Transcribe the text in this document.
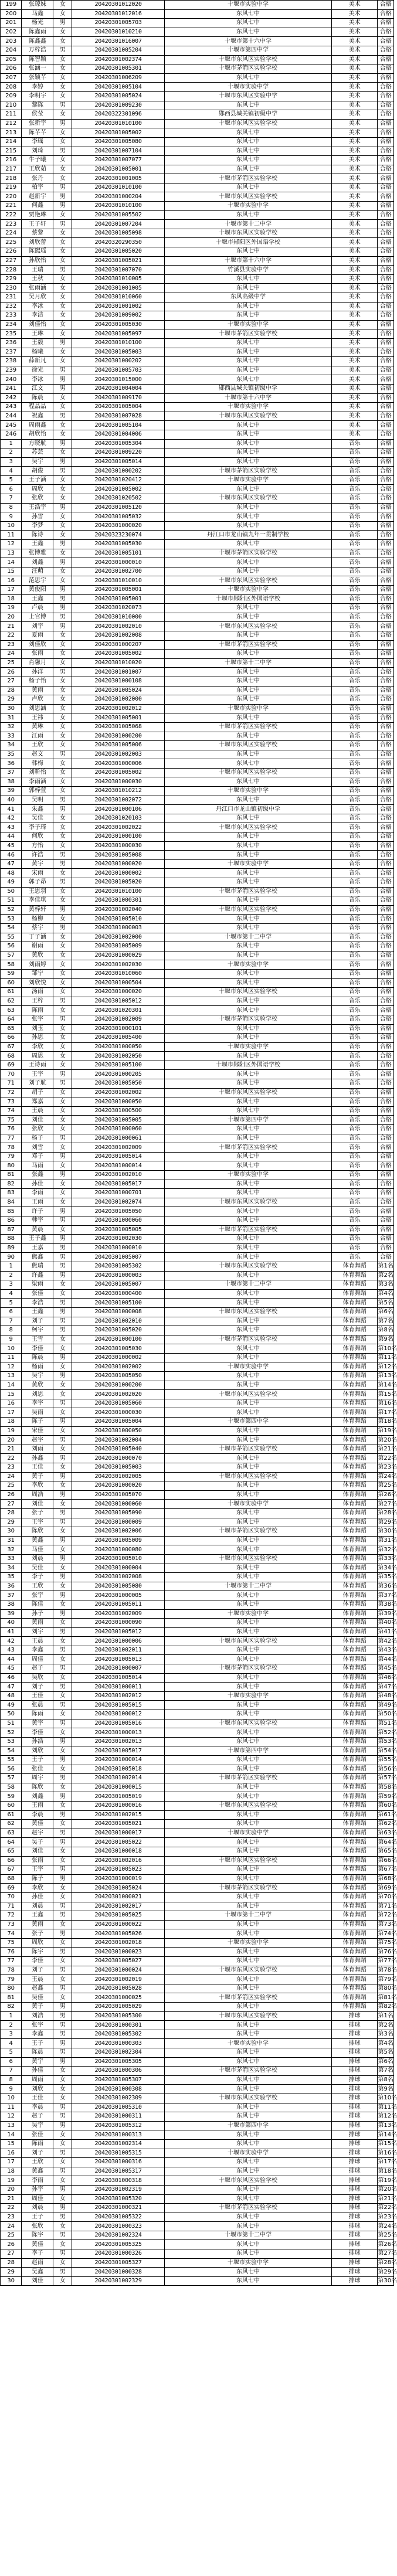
199	张琼妹	女	20420301012020	十堰市实验中学	美术	合格
200	马鑫	女	20420301012016	东风七中	美术	合格
201	杨光	男	20420301005703	东风七中	美术	合格
202	陈鑫雨	女	20420301010210	东风七中	美术	合格
203	陈鑫鑫	女	20420301016007	十堰市第十六中学	美术	合格
204	万梓浩	男	20420301005204	十堰市第四中学	美术	合格
205	陈智颖	女	20420301002374	十堰市东风区实验学校	美术	合格
206	张涵一	女	20420301005301	十堰市茅箭区实验学校	美术	合格
207	张颖芊	女	20420301006209	东风七中	美术	合格
208	李婷	女	20420301005104	十堰市实验中学	美术	合格
209	李明宇	女	20420301005024	十堰市东风区实验中学	美术	合格
210	黎陈	男	20420301009230	东风七中	美术	合格
211	侯莹	女	20420322301096	郧西县城关镇初级中学	美术	合格
212	张新宇	男	20420301010100	十堰市东风区实验学校	美术	合格
213	陈芊芊	女	20420301005002	东风七中	美术	合格
214	李瑶	女	20420301005080	东风七中	美术	合格
215	刘琦	男	20420301007104	东风七中	美术	合格
216	牛子曦	女	20420301007077	东风七中	美术	合格
217	王欣茹	女	20420301005001	东风七中	美术	合格
218	张丹	女	20420301001005	十堰市茅箭区实验学校	美术	合格
219	柏宇	男	20420301010100	东风七中	美术	合格
220	赵新宇	男	20420301000204	十堰市东风区实验学校	美术	合格
221	何鑫	男	20420301010100	十堰市实验中学	美术	合格
222	贾艳琳	女	20420301005502	东风七中	美术	合格
223	王子轩	男	20420301007204	十堰市第十二中学	美术	合格
224	蔡黎	女	20420301005098	十堰市东风区实验学校	美术	合格
225	刘欣蕾	女	20420320290350	十堰市郧阳区外国语学校	美术	合格
226	陈熙瑶	女	20420301005020	东风七中	美术	合格
227	孙欣怡	女	20420301005021	十堰市第十六中学	美术	合格
228	王瑞	男	20420301007070	竹溪县实验中学	美术	合格
229	王秋	女	20420301010005	东风七中	美术	合格
230	张雨涵	女	20420301001005	东风七中	美术	合格
231	吴月欣	女	20420301010060	东风高级中学	美术	合格
232	李冰	女	20420301001002	东风七中	美术	合格
233	李洁	女	20420301009002	东风七中	美术	合格
234	刘佳怡	女	20420301005030	十堰市实验中学	美术	合格
235	王琳	女	20420301005097	十堰市茅箭区实验学校	美术	合格
236	王毅	男	20420301010100	东风七中	美术	合格
237	杨曦	女	20420301005003	东风七中	美术	合格
238	薛新凡	女	20420301000202	东风七中	美术	合格
239	徐光	男	20420301005703	东风七中	美术	合格
240	李冰	男	20420301015000	东风七中	美术	合格
241	江文	男	20420301004004	郧西县城关镇初级中学	美术	合格
242	陈晨	女	20420301009170	十堰市第十六中学	美术	合格
243	程晶晶	女	20420301005004	十堰市实验中学	美术	合格
244	祝鑫	男	20420301007028	十堰市东风区实验学校	美术	合格
245	周雨鑫	女	20420301005104	东风七中	美术	合格
246	胡欣怡	女	20420301004006	东风七中	美术	合格
1	方晓航	男	20420301005304	东风七中	音乐	合格
2	苏芸	女	20420301009220	东风七中	音乐	合格
3	吴宇	男	20420301005014	东风七中	音乐	合格
4	胡俊	男	20420301000202	十堰市茅箭区实验学校	音乐	合格
5	王子涵	女	20420301020412	十堰市实验中学	音乐	合格
6	周欣	女	20420301005002	东风七中	音乐	合格
7	张欣	女	20420301020502	十堰市东风区实验学校	音乐	合格
8	王浩宇	男	20420301005120	东风七中	音乐	合格
9	孙雪	女	20420301005032	东风七中	音乐	合格
10	李梦	女	20420301000020	东风七中	音乐	合格
11	陈诗	女	20420323230074	丹江口市龙山镇九年一贯制学校	音乐	合格
12	王鑫	男	20420301005030	东风七中	音乐	合格
13	张博雅	女	20420301005101	十堰市茅箭区实验学校	音乐	合格
14	刘鑫	男	20420301000010	东风七中	音乐	合格
15	汪萌	女	20420301002700	东风七中	音乐	合格
16	范思宇	女	20420301010010	十堰市东风区实验学校	音乐	合格
17	黄俊阳	男	20420301005001	十堰市实验中学	音乐	合格
18	王鑫	男	20420301005001	十堰市郧阳区外国语学校	音乐	合格
19	卢晨	男	20420301020073	东风七中	音乐	合格
20	上官博	男	20420301010000	东风七中	音乐	合格
21	刘宇	男	20420301002010	十堰市东风区实验学校	音乐	合格
22	夏雨	女	20420301002008	东风七中	音乐	合格
23	刘佳欣	女	20420301000207	十堰市茅箭区实验学校	音乐	合格
24	张雨	女	20420301005002	东风七中	音乐	合格
25	肖馨月	女	20420301010020	十堰市第十二中学	音乐	合格
26	孙洋	男	20420301001007	东风七中	音乐	合格
27	杨子怡	女	20420301000108	东风七中	音乐	合格
28	黄雨	女	20420301005024	东风七中	音乐	合格
29	卢欣	女	20420301002000	东风七中	音乐	合格
30	刘思涵	女	20420301002012	十堰市实验中学	音乐	合格
31	王祎	女	20420301005001	东风七中	音乐	合格
32	黄琳	女	20420301005068	十堰市茅箭区实验学校	音乐	合格
33	江雨	女	20420301000200	东风七中	音乐	合格
34	王欣	女	20420301005006	十堰市东风区实验学校	音乐	合格
35	赵文	男	20420301002003	东风七中	音乐	合格
36	韩梅	女	20420301000006	东风七中	音乐	合格
37	刘昕怡	女	20420301005002	十堰市东风区实验学校	音乐	合格
38	李雨涵	女	20420301000030	东风七中	音乐	合格
39	郭梓萱	女	20420301010212	十堰市实验中学	音乐	合格
40	吴明	男	20420301002072	东风七中	音乐	合格
41	朱鑫	男	20420301000106	丹江口市龙山镇初级中学	音乐	合格
42	吴佳	女	20420301020103	东风七中	音乐	合格
43	李子琦	女	20420301002022	十堰市东风区实验学校	音乐	合格
44	何欣	女	20420301000100	东风七中	音乐	合格
45	方怡	女	20420301000030	东风七中	音乐	合格
46	许浩	男	20420301005008	东风七中	音乐	合格
47	黄宇	男	20420301000020	十堰市实验中学	音乐	合格
48	宋雨	女	20420301000002	东风七中	音乐	合格
49	郭子昂	男	20420301005020	东风七中	音乐	合格
50	王思羽	女	20420301010100	十堰市茅箭区实验学校	音乐	合格
51	李佳琪	女	20420301000301	东风七中	音乐	合格
52	黄梓轩	男	20420301002040	十堰市东风区实验学校	音乐	合格
53	杨柳	女	20420301005010	东风七中	音乐	合格
54	蔡宇	男	20420301000003	东风七中	音乐	合格
55	丁子涵	女	20420301002000	十堰市第十二中学	音乐	合格
56	谢雨	女	20420301005009	东风七中	音乐	合格
57	黄欣	女	20420301000029	东风七中	音乐	合格
58	刘雨婷	女	20420301002030	十堰市实验中学	音乐	合格
59	邹宁	女	20420301010060	东风七中	音乐	合格
60	刘欣悦	女	20420301000504	东风七中	音乐	合格
61	汤雨	女	20420301000020	十堰市东风区实验学校	音乐	合格
62	王梓	男	20420301005012	东风七中	音乐	合格
63	陈雨	女	20420301020301	东风七中	音乐	合格
64	张宇	男	20420301002009	十堰市茅箭区实验学校	音乐	合格
65	刘玉	女	20420301000101	东风七中	音乐	合格
66	孙思	女	20420301005400	东风七中	音乐	合格
67	李欣	女	20420301000050	十堰市实验中学	音乐	合格
68	周思	女	20420301002050	东风七中	音乐	合格
69	王诗雨	女	20420301005100	十堰市郧阳区外国语学校	音乐	合格
70	王宇	男	20420301000205	东风七中	音乐	合格
71	刘子航	男	20420301005050	东风七中	音乐	合格
72	胡子	女	20420301002002	十堰市东风区实验学校	音乐	合格
73	郑嘉	女	20420301000050	东风七中	音乐	合格
74	王晨	女	20420301000500	东风七中	音乐	合格
75	刘佳	女	20420301005005	十堰市第四中学	音乐	合格
76	张欣	女	20420301000060	东风七中	音乐	合格
77	杨子	男	20420301000061	东风七中	音乐	合格
78	刘雪	女	20420301002009	十堰市茅箭区实验学校	音乐	合格
79	邓子	男	20420301005014	东风七中	音乐	合格
80	马雨	女	20420301000014	东风七中	音乐	合格
81	张鑫	男	20420301002010	十堰市实验中学	音乐	合格
82	孙佳	女	20420301005017	东风七中	音乐	合格
83	李雨	女	20420301000701	东风七中	音乐	合格
84	王雨	女	20420301002074	十堰市东风区实验学校	音乐	合格
85	许子	男	20420301005050	东风七中	音乐	合格
86	韩宇	男	20420301000060	东风七中	音乐	合格
87	黄晨	女	20420301005005	十堰市茅箭区实验学校	音乐	合格
88	王子鑫	男	20420301002030	东风七中	音乐	合格
89	王嘉	男	20420301000010	东风七中	音乐	合格
90	熊鑫	男	20420301005007	东风七中	音乐	合格
1	熊瑞	男	20420301005302	十堰市东风区实验学校	体育舞蹈	第1名
2	许鑫	男	20420301000003	东风七中	体育舞蹈	第2名
3	梁雨	女	20420301005007	十堰市第十二中学	体育舞蹈	第3名
4	张佳	女	20420301000400	东风七中	体育舞蹈	第4名
5	李浩	男	20420301005100	东风七中	体育舞蹈	第5名
6	王鑫	男	20420301000008	十堰市东风区实验学校	体育舞蹈	第6名
7	刘子	男	20420301002010	东风七中	体育舞蹈	第7名
8	柯宇	男	20420301005020	东风七中	体育舞蹈	第8名
9	王雪	女	20420301000100	十堰市茅箭区实验学校	体育舞蹈	第9名
10	李佳	女	20420301005030	东风七中	体育舞蹈	第10名
11	陈晨	男	20420301000002	东风七中	体育舞蹈	第11名
12	杨雨	女	20420301002002	十堰市实验中学	体育舞蹈	第12名
13	吴宇	男	20420301005050	东风七中	体育舞蹈	第13名
14	黄欣	女	20420301000200	东风七中	体育舞蹈	第14名
15	刘思	女	20420301002020	十堰市东风区实验学校	体育舞蹈	第15名
16	李宇	男	20420301005060	东风七中	体育舞蹈	第16名
17	吴雨	女	20420301000030	东风七中	体育舞蹈	第17名
18	陈子	男	20420301005004	十堰市第四中学	体育舞蹈	第18名
19	宋佳	女	20420301000050	东风七中	体育舞蹈	第19名
20	赵宇	男	20420301002004	东风七中	体育舞蹈	第20名
21	刘雨	女	20420301005040	十堰市茅箭区实验学校	体育舞蹈	第21名
22	孙鑫	男	20420301000070	东风七中	体育舞蹈	第22名
23	王佳	女	20420301005003	东风七中	体育舞蹈	第23名
24	黄子	男	20420301002005	十堰市东风区实验学校	体育舞蹈	第24名
25	李欣	女	20420301000020	东风七中	体育舞蹈	第25名
26	周浩	男	20420301005070	东风七中	体育舞蹈	第26名
27	刘佳	女	20420301000060	十堰市实验中学	体育舞蹈	第27名
28	张子	男	20420301005090	东风七中	体育舞蹈	第28名
29	王宇	男	20420301000009	东风七中	体育舞蹈	第29名
30	陈欣	女	20420301002006	十堰市茅箭区实验学校	体育舞蹈	第30名
31	黄鑫	男	20420301005009	东风七中	体育舞蹈	第31名
32	马佳	女	20420301000080	东风七中	体育舞蹈	第32名
33	刘晨	男	20420301005010	十堰市东风区实验学校	体育舞蹈	第33名
34	吴佳	女	20420301000004	东风七中	体育舞蹈	第34名
35	李子	男	20420301002008	东风七中	体育舞蹈	第35名
36	王欣	女	20420301005080	十堰市第十二中学	体育舞蹈	第36名
37	张宇	男	20420301000005	东风七中	体育舞蹈	第37名
38	陈佳	女	20420301005011	东风七中	体育舞蹈	第38名
39	孙子	男	20420301002009	十堰市实验中学	体育舞蹈	第39名
40	黄雨	女	20420301000090	东风七中	体育舞蹈	第40名
41	刘宇	男	20420301005012	东风七中	体育舞蹈	第41名
42	王晨	女	20420301000006	十堰市东风区实验学校	体育舞蹈	第42名
43	李鑫	男	20420301002011	东风七中	体育舞蹈	第43名
44	周佳	女	20420301005013	东风七中	体育舞蹈	第44名
45	赵子	男	20420301000007	十堰市茅箭区实验学校	体育舞蹈	第45名
46	吴欣	女	20420301005014	东风七中	体育舞蹈	第46名
47	刘子	男	20420301000011	东风七中	体育舞蹈	第47名
48	王佳	女	20420301002012	十堰市实验中学	体育舞蹈	第48名
49	张晨	男	20420301005015	东风七中	体育舞蹈	第49名
50	陈雨	女	20420301000012	东风七中	体育舞蹈	第50名
51	黄宇	男	20420301005016	十堰市东风区实验学校	体育舞蹈	第51名
52	李佳	女	20420301000013	东风七中	体育舞蹈	第52名
53	孙浩	男	20420301002013	东风七中	体育舞蹈	第53名
54	刘欣	女	20420301005017	十堰市第四中学	体育舞蹈	第54名
55	王子	男	20420301000014	东风七中	体育舞蹈	第55名
56	张佳	女	20420301005018	东风七中	体育舞蹈	第56名
57	周宇	男	20420301002014	十堰市茅箭区实验学校	体育舞蹈	第57名
58	陈欣	女	20420301000015	东风七中	体育舞蹈	第58名
59	刘鑫	男	20420301005019	东风七中	体育舞蹈	第59名
60	王雨	女	20420301000016	十堰市东风区实验学校	体育舞蹈	第60名
61	李晨	男	20420301002015	东风七中	体育舞蹈	第61名
62	黄佳	女	20420301005021	东风七中	体育舞蹈	第62名
63	赵宇	男	20420301000017	十堰市实验中学	体育舞蹈	第63名
64	吴子	男	20420301005022	东风七中	体育舞蹈	第64名
65	刘佳	女	20420301000018	东风七中	体育舞蹈	第65名
66	张雨	女	20420301002016	十堰市东风区实验学校	体育舞蹈	第66名
67	王宇	男	20420301005023	东风七中	体育舞蹈	第67名
68	陈子	男	20420301000019	东风七中	体育舞蹈	第68名
69	李欣	女	20420301005024	十堰市茅箭区实验学校	体育舞蹈	第69名
70	孙佳	女	20420301000021	东风七中	体育舞蹈	第70名
71	刘晨	男	20420301002017	东风七中	体育舞蹈	第71名
72	王鑫	男	20420301005025	十堰市第十二中学	体育舞蹈	第72名
73	黄雨	女	20420301000022	东风七中	体育舞蹈	第73名
74	张子	男	20420301005026	东风七中	体育舞蹈	第74名
75	周欣	女	20420301002018	十堰市实验中学	体育舞蹈	第75名
76	陈宇	男	20420301000023	东风七中	体育舞蹈	第76名
77	李佳	女	20420301005027	东风七中	体育舞蹈	第77名
78	刘子	男	20420301000024	十堰市东风区实验学校	体育舞蹈	第78名
79	王晨	女	20420301002019	东风七中	体育舞蹈	第79名
80	赵鑫	男	20420301005028	东风七中	体育舞蹈	第80名
81	吴佳	女	20420301000025	十堰市茅箭区实验学校	体育舞蹈	第81名
82	黄子	男	20420301005029	东风七中	体育舞蹈	第82名
1	刘浩	男	20420301005300	十堰市东风区实验学校	排球	第1名
2	张宇	男	20420301000301	东风七中	排球	第2名
3	李鑫	男	20420301005302	东风七中	排球	第3名
4	王子	男	20420301000303	十堰市实验中学	排球	第4名
5	陈晨	男	20420301002304	东风七中	排球	第5名
6	黄宇	男	20420301005305	东风七中	排球	第6名
7	孙佳	女	20420301000306	十堰市茅箭区实验学校	排球	第7名
8	周雨	女	20420301005307	东风七中	排球	第8名
9	刘欣	女	20420301000308	东风七中	排球	第9名
10	王佳	女	20420301002309	十堰市东风区实验学校	排球	第10名
11	李晨	男	20420301005310	东风七中	排球	第11名
12	赵子	男	20420301000311	东风七中	排球	第12名
13	吴宇	男	20420301005312	十堰市第四中学	排球	第13名
14	张佳	女	20420301000313	东风七中	排球	第14名
15	陈雨	女	20420301002314	东风七中	排球	第15名
16	刘子	男	20420301005315	十堰市实验中学	排球	第16名
17	王欣	女	20420301000316	东风七中	排球	第17名
18	黄鑫	男	20420301005317	东风七中	排球	第18名
19	李雨	女	20420301000318	十堰市东风区实验学校	排球	第19名
20	孙宇	男	20420301002319	东风七中	排球	第20名
21	周佳	女	20420301005320	东风七中	排球	第21名
22	刘晨	男	20420301000321	十堰市茅箭区实验学校	排球	第22名
23	王子	男	20420301005322	东风七中	排球	第23名
24	张欣	女	20420301000323	东风七中	排球	第24名
25	陈宇	男	20420301002324	十堰市第十二中学	排球	第25名
26	黄佳	女	20420301005325	东风七中	排球	第26名
27	李子	男	20420301000326	东风七中	排球	第27名
28	赵雨	女	20420301005327	十堰市实验中学	排球	第28名
29	吴鑫	男	20420301000328	东风七中	排球	第29名
30	刘佳	女	20420301002329	东风七中	排球	第30名
